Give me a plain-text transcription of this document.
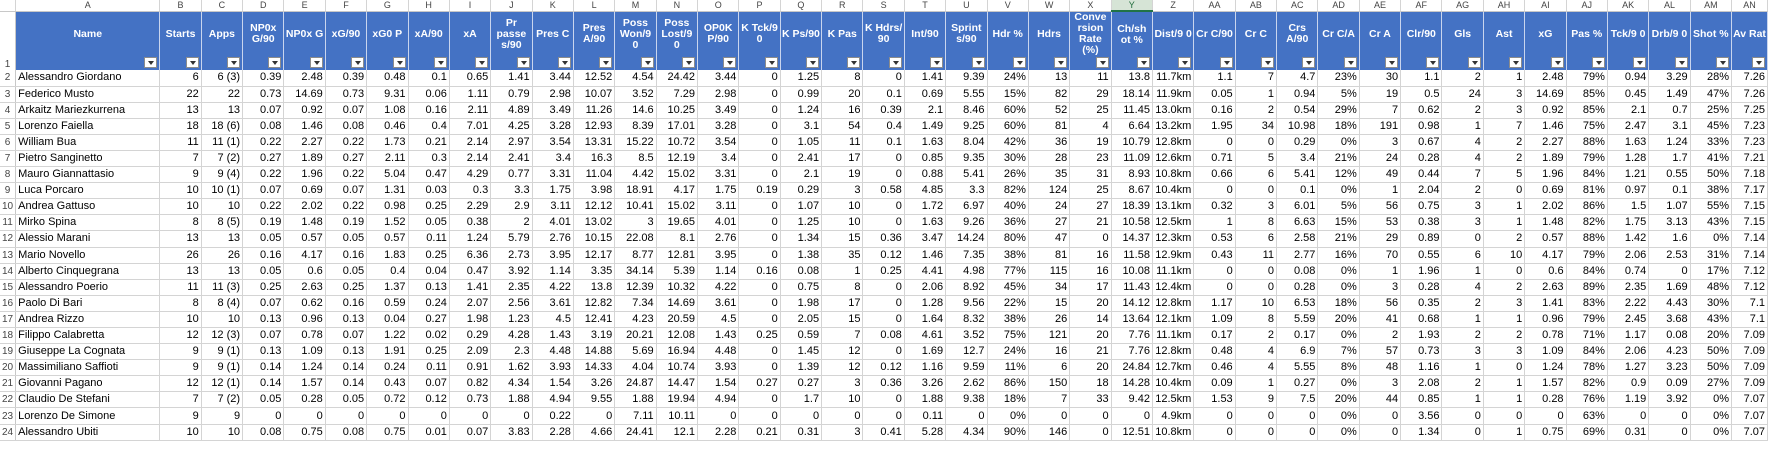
	A	B	C	D	E	F	G	H	I	J	K	L	M	N	O	P	Q	R	S	T	U	V	W	X	Y	Z	AA	AB	AC	AD	AE	AF	AG	AH	AI	AJ	AK	AL	AM	AN
1	Name	Starts	Apps	NP0x G/90	NP0x G	xG/90	xG0 P	xA/90	xA	Pr passe s/90	Pres C	Pres A/90	Poss Won/9 0	Poss Lost/9 0	OP0K P/90	K Tck/9 0	K Ps/90	K Pas	K Hdrs/ 90	Int/90	Sprint s/90	Hdr %	Hdrs	Conve rsion Rate (%)	Ch/sh ot %	Dist/9 0	Cr C/90	Cr C	Crs A/90	Cr C/A	Cr A	Clr/90	Gls	Ast	xG	Pas %	Tck/9 0	Drb/9 0	Shot %	Av Rat

2	Alessandro Giordano	6	6 (3)	0.39	2.48	0.39	0.48	0.1	0.65	1.41	3.44	12.52	4.54	24.42	3.44	0	1.25	8	0	1.41	9.39	24%	13	11	13.8	11.7km	1.1	7	4.7	23%	30	1.1	2	1	2.48	79%	0.94	3.29	28%	7.26
3	Federico Musto	22	22	0.73	14.69	0.73	9.31	0.06	1.11	0.79	2.98	10.07	3.52	7.29	2.98	0	0.99	20	0.1	0.69	5.55	15%	82	29	18.14	11.9km	0.05	1	0.94	5%	19	0.5	24	3	14.69	85%	0.45	1.49	47%	7.26
4	Arkaitz Mariezkurrena	13	13	0.07	0.92	0.07	1.08	0.16	2.11	4.89	3.49	11.26	14.6	10.25	3.49	0	1.24	16	0.39	2.1	8.46	60%	52	25	11.45	13.0km	0.16	2	0.54	29%	7	0.62	2	3	0.92	85%	2.1	0.7	25%	7.25
5	Lorenzo Faiella	18	18 (6)	0.08	1.46	0.08	0.46	0.4	7.01	4.25	3.28	12.93	8.39	17.01	3.28	0	3.1	54	0.4	1.49	9.25	60%	81	4	6.64	13.2km	1.95	34	10.98	18%	191	0.98	1	7	1.46	75%	2.47	3.1	45%	7.23
6	William Bua	11	11 (1)	0.22	2.27	0.22	1.73	0.21	2.14	2.97	3.54	13.31	15.22	10.72	3.54	0	1.05	11	0.1	1.63	8.04	42%	36	19	10.79	12.8km	0	0	0.29	0%	3	0.67	4	2	2.27	88%	1.63	1.24	33%	7.23
7	Pietro Sanginetto	7	7 (2)	0.27	1.89	0.27	2.11	0.3	2.14	2.41	3.4	16.3	8.5	12.19	3.4	0	2.41	17	0	0.85	9.35	30%	28	23	11.09	12.6km	0.71	5	3.4	21%	24	0.28	4	2	1.89	79%	1.28	1.7	41%	7.21
8	Mauro Giannattasio	9	9 (4)	0.22	1.96	0.22	5.04	0.47	4.29	0.77	3.31	11.04	4.42	15.02	3.31	0	2.1	19	0	0.88	5.41	26%	35	31	8.93	10.8km	0.66	6	5.41	12%	49	0.44	7	5	1.96	84%	1.21	0.55	50%	7.18
9	Luca Porcaro	10	10 (1)	0.07	0.69	0.07	1.31	0.03	0.3	3.3	1.75	3.98	18.91	4.17	1.75	0.19	0.29	3	0.58	4.85	3.3	82%	124	25	8.67	10.4km	0	0	0.1	0%	1	2.04	2	0	0.69	81%	0.97	0.1	38%	7.17
10	Andrea Gattuso	10	10	0.22	2.02	0.22	0.98	0.25	2.29	2.9	3.11	12.12	10.41	15.02	3.11	0	1.07	10	0	1.72	6.97	40%	24	27	18.39	13.1km	0.32	3	6.01	5%	56	0.75	3	1	2.02	86%	1.5	1.07	55%	7.15
11	Mirko Spina	8	8 (5)	0.19	1.48	0.19	1.52	0.05	0.38	2	4.01	13.02	3	19.65	4.01	0	1.25	10	0	1.63	9.26	36%	27	21	10.58	12.5km	1	8	6.63	15%	53	0.38	3	1	1.48	82%	1.75	3.13	43%	7.15
12	Alessio Marani	13	13	0.05	0.57	0.05	0.57	0.11	1.24	5.79	2.76	10.15	22.08	8.1	2.76	0	1.34	15	0.36	3.47	14.24	80%	47	0	14.37	12.3km	0.53	6	2.58	21%	29	0.89	0	2	0.57	88%	1.42	1.6	0%	7.14
13	Mario Novello	26	26	0.16	4.17	0.16	1.83	0.25	6.36	2.73	3.95	12.17	8.77	12.81	3.95	0	1.38	35	0.12	1.46	7.35	38%	81	16	11.58	12.9km	0.43	11	2.77	16%	70	0.55	6	10	4.17	79%	2.06	2.53	31%	7.14
14	Alberto Cinquegrana	13	13	0.05	0.6	0.05	0.4	0.04	0.47	3.92	1.14	3.35	34.14	5.39	1.14	0.16	0.08	1	0.25	4.41	4.98	77%	115	16	10.08	11.1km	0	0	0.08	0%	1	1.96	1	0	0.6	84%	0.74	0	17%	7.12
15	Alessandro Poerio	11	11 (3)	0.25	2.63	0.25	1.37	0.13	1.41	2.35	4.22	13.8	12.39	10.32	4.22	0	0.75	8	0	2.06	8.92	45%	34	17	11.43	12.4km	0	0	0.28	0%	3	0.28	4	2	2.63	89%	2.35	1.69	48%	7.12
16	Paolo Di Bari	8	8 (4)	0.07	0.62	0.16	0.59	0.24	2.07	2.56	3.61	12.82	7.34	14.69	3.61	0	1.98	17	0	1.28	9.56	22%	15	20	14.12	12.8km	1.17	10	6.53	18%	56	0.35	2	3	1.41	83%	2.22	4.43	30%	7.1
17	Andrea Rizzo	10	10	0.13	0.96	0.13	0.04	0.27	1.98	1.23	4.5	12.41	4.23	20.59	4.5	0	2.05	15	0	1.64	8.32	38%	26	14	13.64	12.1km	1.09	8	5.59	20%	41	0.68	1	1	0.96	79%	2.45	3.68	43%	7.1
18	Filippo Calabretta	12	12 (3)	0.07	0.78	0.07	1.22	0.02	0.29	4.28	1.43	3.19	20.21	12.08	1.43	0.25	0.59	7	0.08	4.61	3.52	75%	121	20	7.76	11.1km	0.17	2	0.17	0%	2	1.93	2	2	0.78	71%	1.17	0.08	20%	7.09
19	Giuseppe La Cognata	9	9 (1)	0.13	1.09	0.13	1.91	0.25	2.09	2.3	4.48	14.88	5.69	16.94	4.48	0	1.45	12	0	1.69	12.7	24%	16	21	7.76	12.8km	0.48	4	6.9	7%	57	0.73	3	3	1.09	84%	2.06	4.23	50%	7.09
20	Massimiliano Saffioti	9	9 (1)	0.14	1.24	0.14	0.24	0.11	0.91	1.62	3.93	14.33	4.04	10.74	3.93	0	1.39	12	0.12	1.16	9.59	11%	6	20	24.84	12.7km	0.46	4	5.55	8%	48	1.16	1	0	1.24	78%	1.27	3.23	50%	7.09
21	Giovanni Pagano	12	12 (1)	0.14	1.57	0.14	0.43	0.07	0.82	4.34	1.54	3.26	24.87	14.47	1.54	0.27	0.27	3	0.36	3.26	2.62	86%	150	18	14.28	10.4km	0.09	1	0.27	0%	3	2.08	2	1	1.57	82%	0.9	0.09	27%	7.09
22	Claudio De Stefani	7	7 (2)	0.05	0.28	0.05	0.72	0.12	0.73	1.88	4.94	9.55	1.88	19.94	4.94	0	1.7	10	0	1.88	9.38	18%	7	33	9.42	12.5km	1.53	9	7.5	20%	44	0.85	1	1	0.28	76%	1.19	3.92	0%	7.07
23	Lorenzo De Simone	9	9	0	0	0	0	0	0	0	0.22	0	7.11	10.11	0	0	0	0	0	0.11	0	0%	0	0	0	4.9km	0	0	0	0%	0	3.56	0	0	0	63%	0	0	0%	7.07
24	Alessandro Ubiti	10	10	0.08	0.75	0.08	0.75	0.01	0.07	3.83	2.28	4.66	24.41	12.1	2.28	0.21	0.31	3	0.41	5.28	4.34	90%	146	0	12.51	10.8km	0	0	0	0%	0	1.34	0	1	0.75	69%	0.31	0	0%	7.07
